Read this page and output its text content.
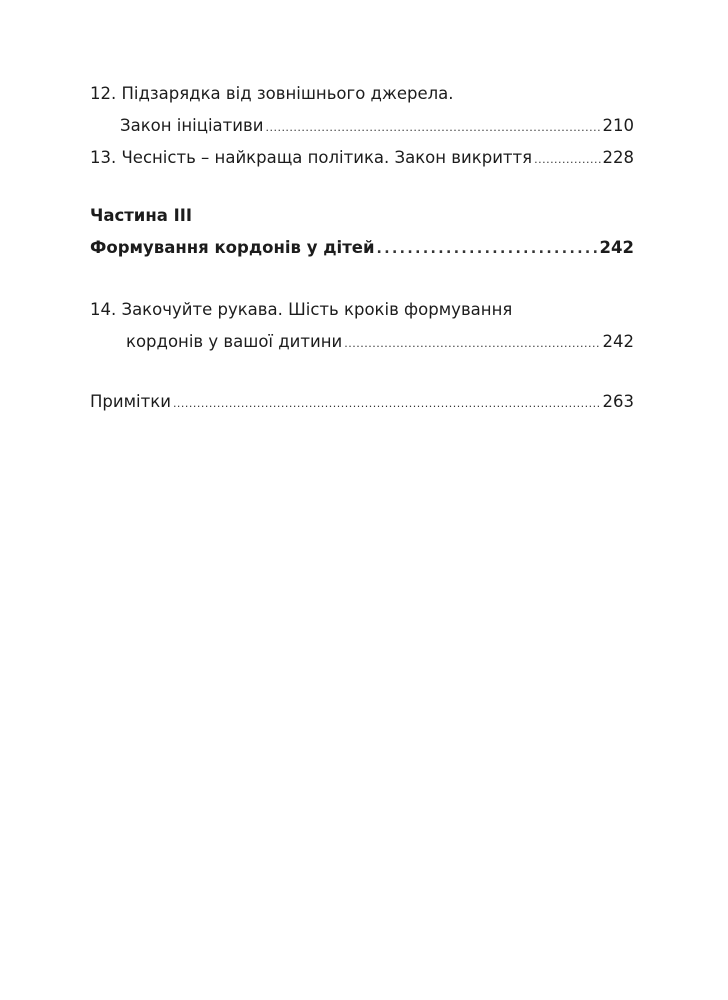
12. Підзарядка від зовнішнього джерела.
Закон ініціативи .....	210
13. Чесність – найкраща політика. Закон викриття .....	228
Частина III
Формування кордонів у дітей .....	242
14. Закочуйте рукава. Шість кроків формування
кордонів у вашої дитини .....	242
Примітки .....	263
